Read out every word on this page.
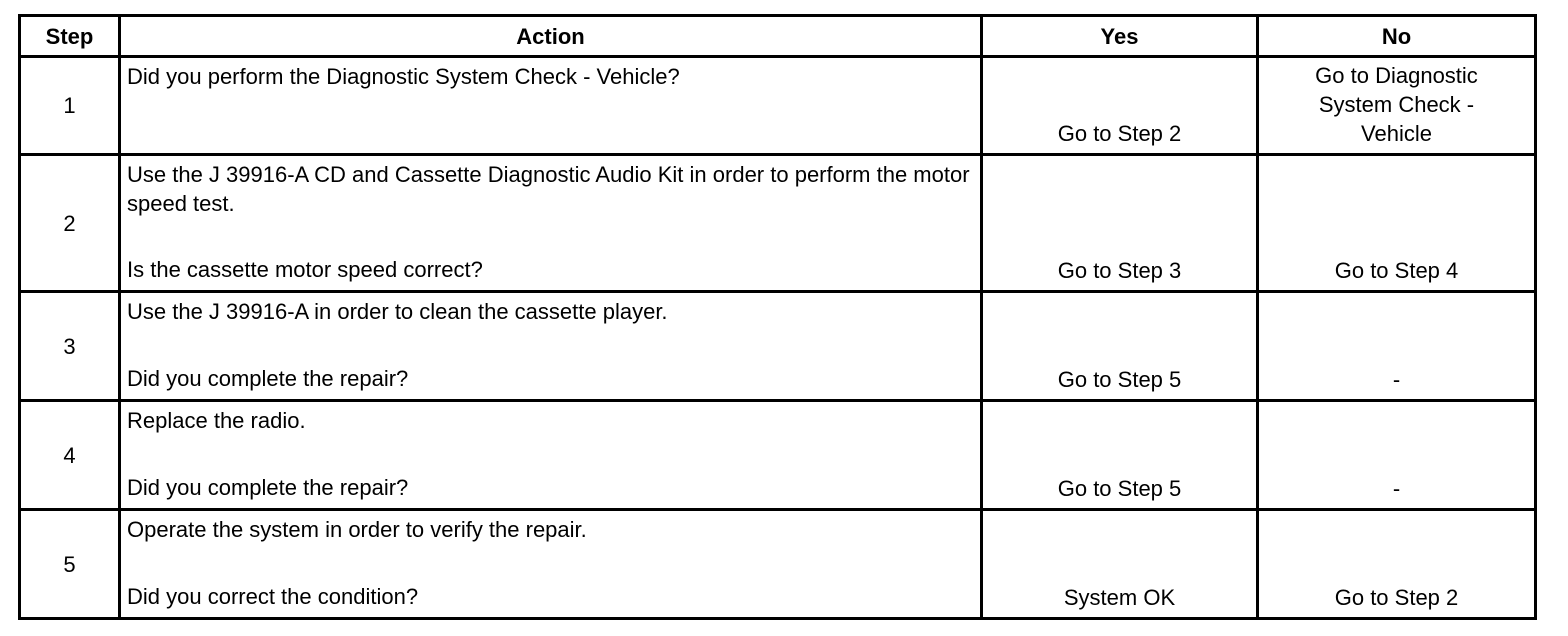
Step	Action	Yes	No
1	Did you perform the Diagnostic System Check - Vehicle?	Go to Step 2	Go to Diagnostic System Check - Vehicle

2	Use the J 39916-A CD and Cassette Diagnostic Audio Kit in order to perform the motor speed test.
Is the cassette motor speed correct?	Go to Step 3	Go to Step 4

3	Use the J 39916-A in order to clean the cassette player.
Did you complete the repair?	Go to Step 5	-

4	Replace the radio.
Did you complete the repair?	Go to Step 5	-

5	Operate the system in order to verify the repair.
Did you correct the condition?	System OK	Go to Step 2
